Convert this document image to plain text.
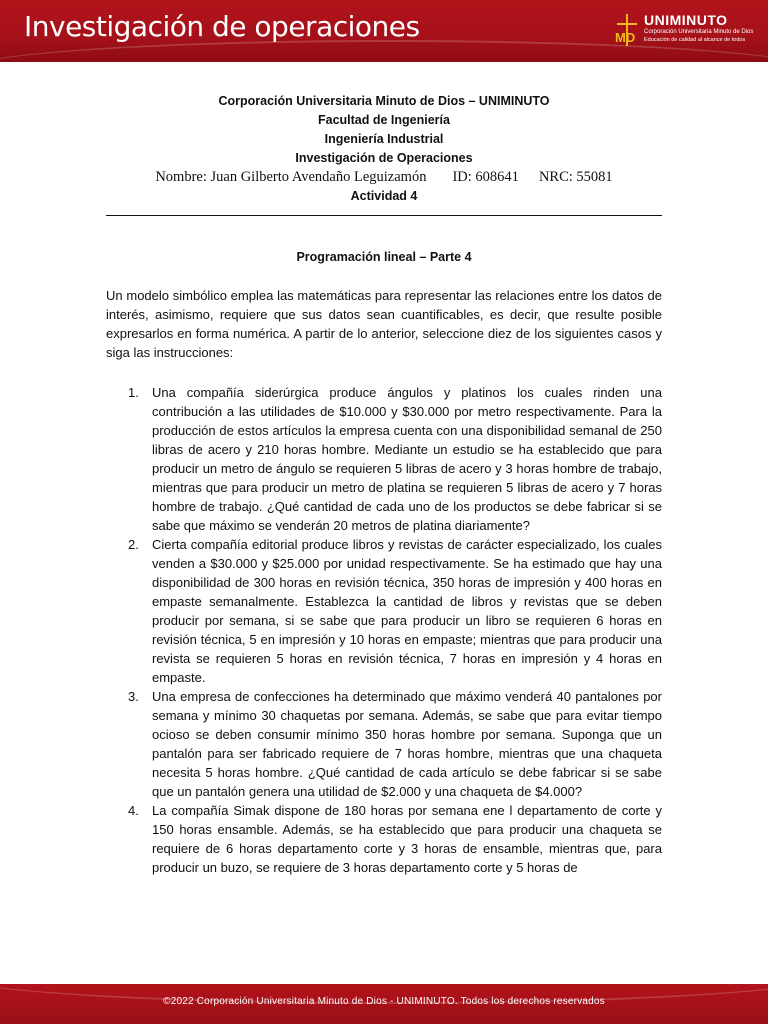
Investigación de operaciones	MD
UNIMINUTO
Corporación Universitaria Minuto de Dios
Educación de calidad al alcance de todos
Corporación Universitaria Minuto de Dios – UNIMINUTO
Facultad de Ingeniería
Ingeniería Industrial
Investigación de Operaciones
Nombre: Juan Gilberto Avendaño Leguizamón ID: 608641 NRC: 55081
Actividad 4
Programación lineal – Parte 4
Un modelo simbólico emplea las matemáticas para representar las relaciones entre los datos de interés, asimismo, requiere que sus datos sean cuantificables, es decir, que resulte posible expresarlos en forma numérica. A partir de lo anterior, seleccione diez de los siguientes casos y siga las instrucciones:
1. Una compañía siderúrgica produce ángulos y platinos los cuales rinden una contribución a las utilidades de $10.000 y $30.000 por metro respectivamente. Para la producción de estos artículos la empresa cuenta con una disponibilidad semanal de 250 libras de acero y 210 horas hombre. Mediante un estudio se ha establecido que para producir un metro de ángulo se requieren 5 libras de acero y 3 horas hombre de trabajo, mientras que para producir un metro de platina se requieren 5 libras de acero y 7 horas hombre de trabajo. ¿Qué cantidad de cada uno de los productos se debe fabricar si se sabe que máximo se venderán 20 metros de platina diariamente?
2. Cierta compañía editorial produce libros y revistas de carácter especializado, los cuales venden a $30.000 y $25.000 por unidad respectivamente. Se ha estimado que hay una disponibilidad de 300 horas en revisión técnica, 350 horas de impresión y 400 horas en empaste semanalmente. Establezca la cantidad de libros y revistas que se deben producir por semana, si se sabe que para producir un libro se requieren 6 horas en revisión técnica, 5 en impresión y 10 horas en empaste; mientras que para producir una revista se requieren 5 horas en revisión técnica, 7 horas en impresión y 4 horas en empaste.
3. Una empresa de confecciones ha determinado que máximo venderá 40 pantalones por semana y mínimo 30 chaquetas por semana. Además, se sabe que para evitar tiempo ocioso se deben consumir mínimo 350 horas hombre por semana. Suponga que un pantalón para ser fabricado requiere de 7 horas hombre, mientras que una chaqueta necesita 5 horas hombre. ¿Qué cantidad de cada artículo se debe fabricar si se sabe que un pantalón genera una utilidad de $2.000 y una chaqueta de $4.000?
4. La compañía Simak dispone de 180 horas por semana ene l departamento de corte y 150 horas ensamble. Además, se ha establecido que para producir una chaqueta se requiere de 6 horas departamento corte y 3 horas de ensamble, mientras que, para producir un buzo, se requiere de 3 horas departamento corte y 5 horas de
©2022 Corporación Universitaria Minuto de Dios - UNIMINUTO. Todos los derechos reservados
